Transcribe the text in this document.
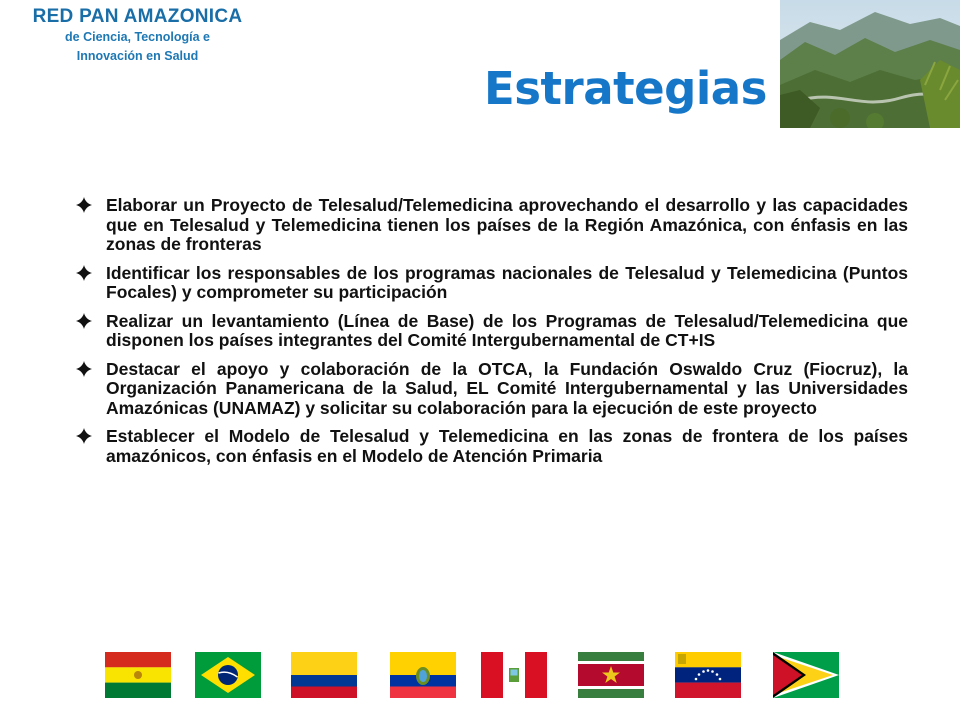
RED PAN AMAZONICA
de Ciencia, Tecnología e
Innovación en Salud
Estrategias
Elaborar un Proyecto de Telesalud/Telemedicina aprovechando el desarrollo y las capacidades que en Telesalud y Telemedicina tienen los países de la Región Amazónica, con énfasis en las zonas de fronteras
Identificar los responsables de los programas nacionales de Telesalud y Telemedicina (Puntos Focales) y comprometer su participación
Realizar un levantamiento (Línea de Base) de los Programas de Telesalud/Telemedicina que disponen los países integrantes del Comité Intergubernamental de CT+IS
Destacar el apoyo y colaboración de la OTCA, la Fundación Oswaldo Cruz (Fiocruz), la Organización Panamericana de la Salud, EL Comité Intergubernamental y las Universidades Amazónicas (UNAMAZ) y solicitar su colaboración para la ejecución de este proyecto
Establecer el Modelo de Telesalud y Telemedicina en las zonas de frontera de los países amazónicos, con énfasis en el Modelo de Atención Primaria
